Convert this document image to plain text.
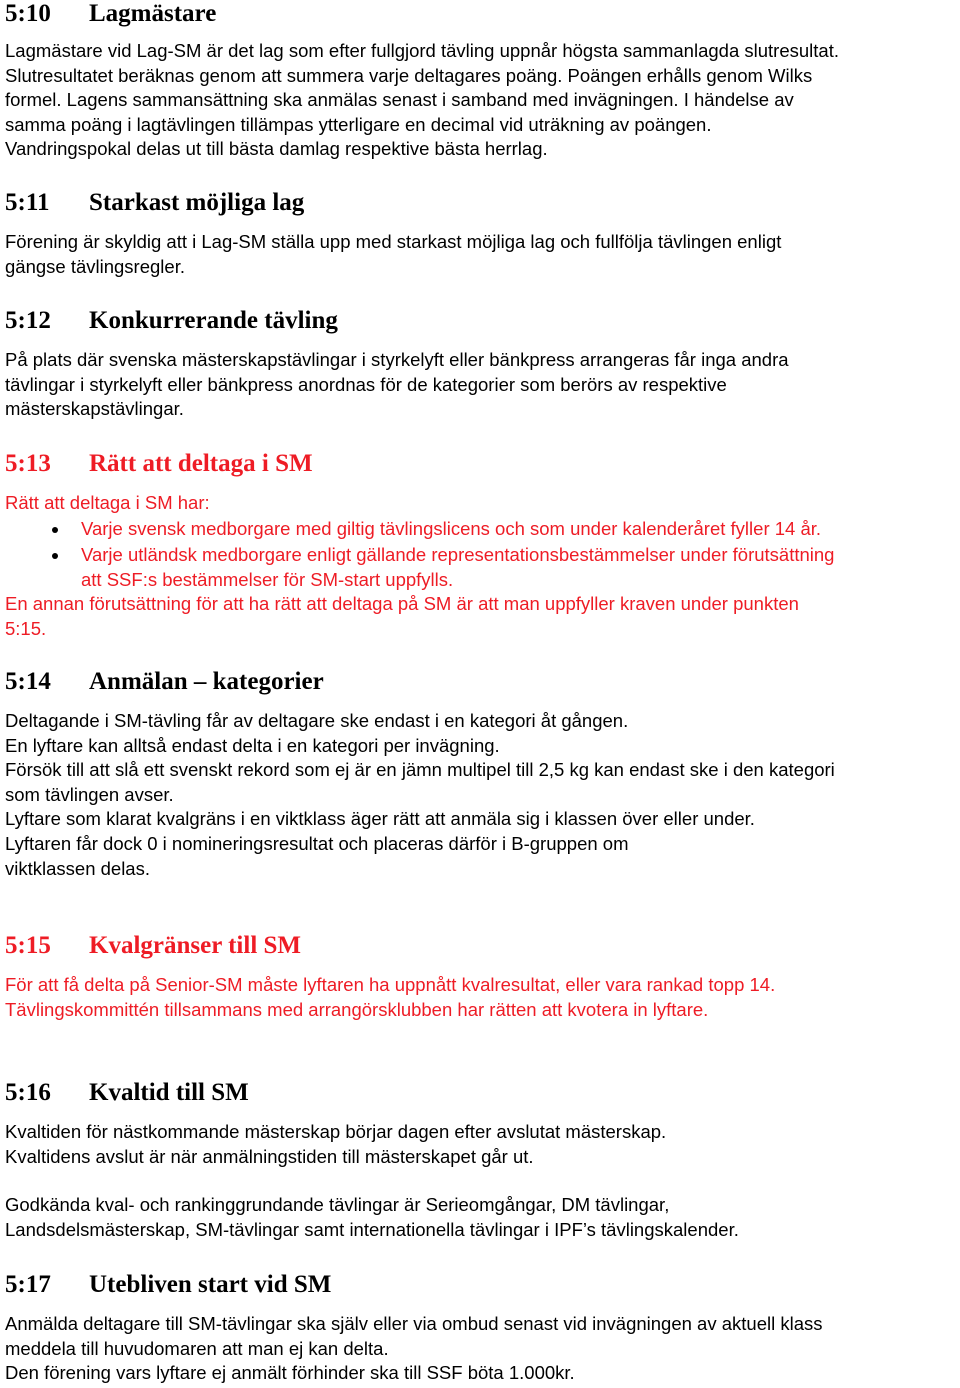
5:10 Lagmästare
Lagmästare vid Lag-SM är det lag som efter fullgjord tävling uppnår högsta sammanlagda slutresultat.
Slutresultatet beräknas genom att summera varje deltagares poäng. Poängen erhålls genom Wilks
formel. Lagens sammansättning ska anmälas senast i samband med invägningen. I händelse av
samma poäng i lagtävlingen tillämpas ytterligare en decimal vid uträkning av poängen.
Vandringspokal delas ut till bästa damlag respektive bästa herrlag.
5:11 Starkast möjliga lag
Förening är skyldig att i Lag-SM ställa upp med starkast möjliga lag och fullfölja tävlingen enligt
gängse tävlingsregler.
5:12 Konkurrerande tävling
På plats där svenska mästerskapstävlingar i styrkelyft eller bänkpress arrangeras får inga andra
tävlingar i styrkelyft eller bänkpress anordnas för de kategorier som berörs av respektive
mästerskapstävlingar.
5:13 Rätt att deltaga i SM
Rätt att deltaga i SM har:
Varje svensk medborgare med giltig tävlingslicens och som under kalenderåret fyller 14 år.
Varje utländsk medborgare enligt gällande representationsbestämmelser under förutsättning
att SSF:s bestämmelser för SM-start uppfylls.
En annan förutsättning för att ha rätt att deltaga på SM är att man uppfyller kraven under punkten
5:15.
5:14 Anmälan – kategorier
Deltagande i SM-tävling får av deltagare ske endast i en kategori åt gången.
En lyftare kan alltså endast delta i en kategori per invägning.
Försök till att slå ett svenskt rekord som ej är en jämn multipel till 2,5 kg kan endast ske i den kategori
som tävlingen avser.
Lyftare som klarat kvalgräns i en viktklass äger rätt att anmäla sig i klassen över eller under.
Lyftaren får dock 0 i nomineringsresultat och placeras därför i B-gruppen om
viktklassen delas.
5:15 Kvalgränser till SM
För att få delta på Senior-SM måste lyftaren ha uppnått kvalresultat, eller vara rankad topp 14.
Tävlingskommittén tillsammans med arrangörsklubben har rätten att kvotera in lyftare.
5:16 Kvaltid till SM
Kvaltiden för nästkommande mästerskap börjar dagen efter avslutat mästerskap.
Kvaltidens avslut är när anmälningstiden till mästerskapet går ut.
Godkända kval- och rankinggrundande tävlingar är Serieomgångar, DM tävlingar,
Landsdelsmästerskap, SM-tävlingar samt internationella tävlingar i IPF’s tävlingskalender.
5:17 Utebliven start vid SM
Anmälda deltagare till SM-tävlingar ska själv eller via ombud senast vid invägningen av aktuell klass
meddela till huvudomaren att man ej kan delta.
Den förening vars lyftare ej anmält förhinder ska till SSF böta 1.000kr.
